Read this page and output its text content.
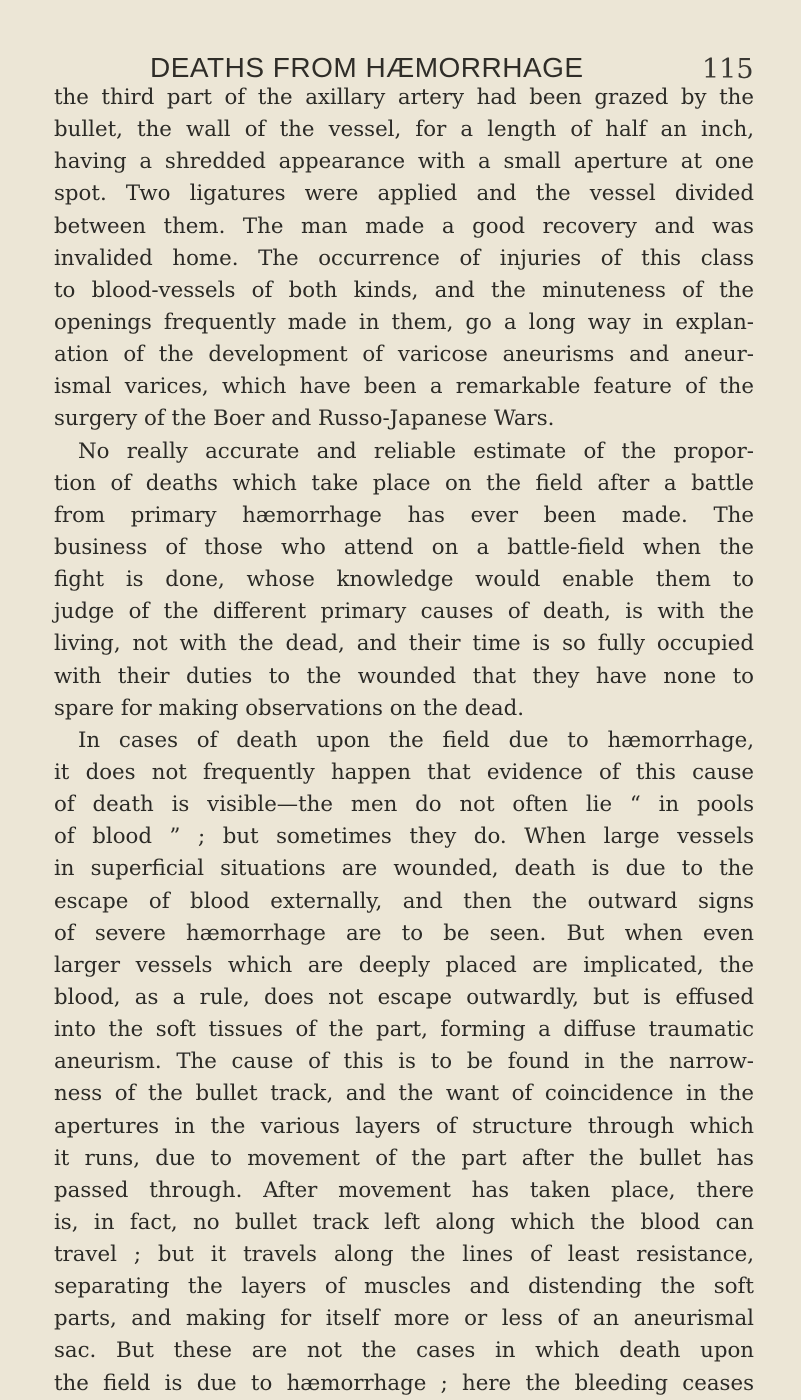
DEATHS FROM HÆMORRHAGE	115
the third part of the axillary artery had been grazed by the
bullet, the wall of the vessel, for a length of half an inch,
having a shredded appearance with a small aperture at one
spot. Two ligatures were applied and the vessel divided
between them. The man made a good recovery and was
invalided home. The occurrence of injuries of this class
to blood-vessels of both kinds, and the minuteness of the
openings frequently made in them, go a long way in explan-
ation of the development of varicose aneurisms and aneur-
ismal varices, which have been a remarkable feature of the
surgery of the Boer and Russo-Japanese Wars.
No really accurate and reliable estimate of the propor-
tion of deaths which take place on the field after a battle
from primary hæmorrhage has ever been made. The
business of those who attend on a battle-field when the
fight is done, whose knowledge would enable them to
judge of the different primary causes of death, is with the
living, not with the dead, and their time is so fully occupied
with their duties to the wounded that they have none to
spare for making observations on the dead.
In cases of death upon the field due to hæmorrhage,
it does not frequently happen that evidence of this cause
of death is visible—the men do not often lie “ in pools
of blood ” ; but sometimes they do. When large vessels
in superficial situations are wounded, death is due to the
escape of blood externally, and then the outward signs
of severe hæmorrhage are to be seen. But when even
larger vessels which are deeply placed are implicated, the
blood, as a rule, does not escape outwardly, but is effused
into the soft tissues of the part, forming a diffuse traumatic
aneurism. The cause of this is to be found in the narrow-
ness of the bullet track, and the want of coincidence in the
apertures in the various layers of structure through which
it runs, due to movement of the part after the bullet has
passed through. After movement has taken place, there
is, in fact, no bullet track left along which the blood can
travel ; but it travels along the lines of least resistance,
separating the layers of muscles and distending the soft
parts, and making for itself more or less of an aneurismal
sac. But these are not the cases in which death upon
the field is due to hæmorrhage ; here the bleeding ceases
